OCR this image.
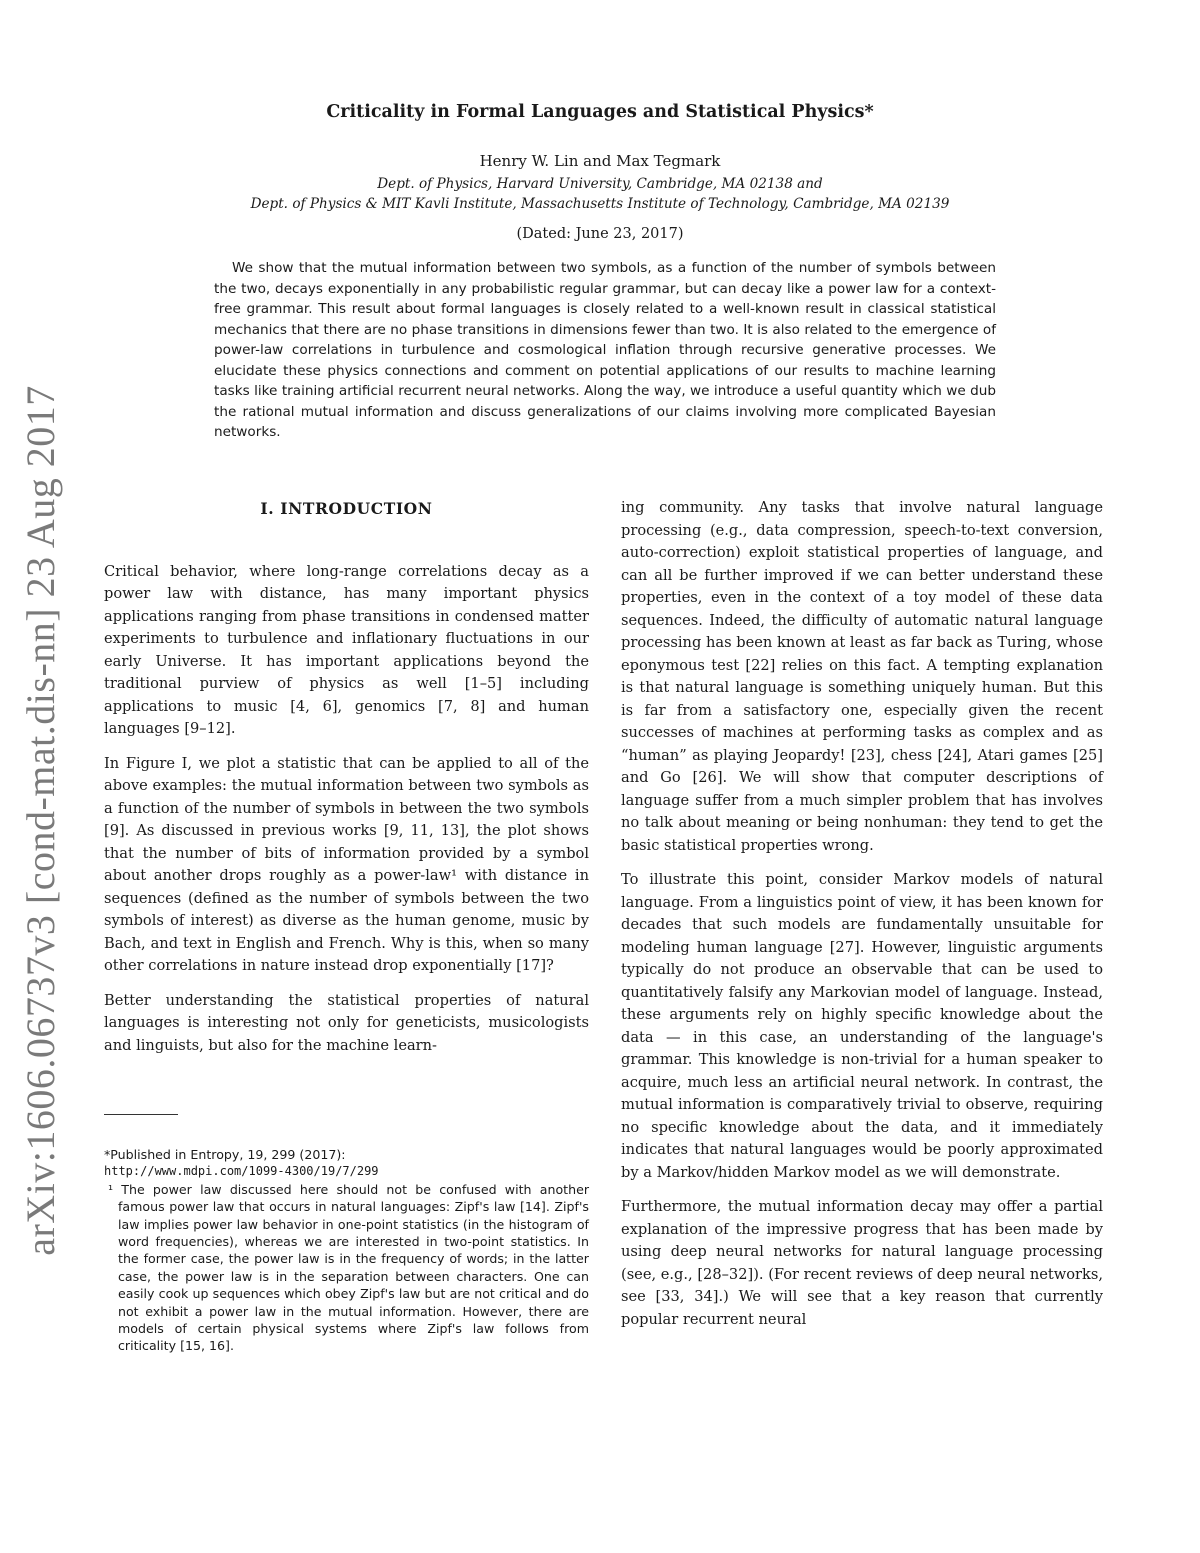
arXiv:1606.06737v3 [cond-mat.dis-nn] 23 Aug 2017
Criticality in Formal Languages and Statistical Physics*
Henry W. Lin and Max Tegmark
Dept. of Physics, Harvard University, Cambridge, MA 02138 and
Dept. of Physics & MIT Kavli Institute, Massachusetts Institute of Technology, Cambridge, MA 02139
(Dated: June 23, 2017)
We show that the mutual information between two symbols, as a function of the number of symbols between the two, decays exponentially in any probabilistic regular grammar, but can decay like a power law for a context-free grammar. This result about formal languages is closely related to a well-known result in classical statistical mechanics that there are no phase transitions in dimensions fewer than two. It is also related to the emergence of power-law correlations in turbulence and cosmological inflation through recursive generative processes. We elucidate these physics connections and comment on potential applications of our results to machine learning tasks like training artificial recurrent neural networks. Along the way, we introduce a useful quantity which we dub the rational mutual information and discuss generalizations of our claims involving more complicated Bayesian networks.
I. INTRODUCTION

Critical behavior, where long-range correlations decay as a power law with distance, has many important physics applications ranging from phase transitions in condensed matter experiments to turbulence and inflationary fluctuations in our early Universe. It has important applications beyond the traditional purview of physics as well [1–5] including applications to music [4, 6], genomics [7, 8] and human languages [9–12].

In Figure I, we plot a statistic that can be applied to all of the above examples: the mutual information between two symbols as a function of the number of symbols in between the two symbols [9]. As discussed in previous works [9, 11, 13], the plot shows that the number of bits of information provided by a symbol about another drops roughly as a power-law¹ with distance in sequences (defined as the number of symbols between the two symbols of interest) as diverse as the human genome, music by Bach, and text in English and French. Why is this, when so many other correlations in nature instead drop exponentially [17]?

Better understanding the statistical properties of natural languages is interesting not only for geneticists, musicologists and linguists, but also for the machine learn-

*Published in Entropy, 19, 299 (2017):

http://www.mdpi.com/1099-4300/19/7/299

¹ The power law discussed here should not be confused with another famous power law that occurs in natural languages: Zipf's law [14]. Zipf's law implies power law behavior in one-point statistics (in the histogram of word frequencies), whereas we are interested in two-point statistics. In the former case, the power law is in the frequency of words; in the latter case, the power law is in the separation between characters. One can easily cook up sequences which obey Zipf's law but are not critical and do not exhibit a power law in the mutual information. However, there are models of certain physical systems where Zipf's law follows from criticality [15, 16].

ing community. Any tasks that involve natural language processing (e.g., data compression, speech-to-text conversion, auto-correction) exploit statistical properties of language, and can all be further improved if we can better understand these properties, even in the context of a toy model of these data sequences. Indeed, the difficulty of automatic natural language processing has been known at least as far back as Turing, whose eponymous test [22] relies on this fact. A tempting explanation is that natural language is something uniquely human. But this is far from a satisfactory one, especially given the recent successes of machines at performing tasks as complex and as “human” as playing Jeopardy! [23], chess [24], Atari games [25] and Go [26]. We will show that computer descriptions of language suffer from a much simpler problem that has involves no talk about meaning or being nonhuman: they tend to get the basic statistical properties wrong.

To illustrate this point, consider Markov models of natural language. From a linguistics point of view, it has been known for decades that such models are fundamentally unsuitable for modeling human language [27]. However, linguistic arguments typically do not produce an observable that can be used to quantitatively falsify any Markovian model of language. Instead, these arguments rely on highly specific knowledge about the data — in this case, an understanding of the language's grammar. This knowledge is non-trivial for a human speaker to acquire, much less an artificial neural network. In contrast, the mutual information is comparatively trivial to observe, requiring no specific knowledge about the data, and it immediately indicates that natural languages would be poorly approximated by a Markov/hidden Markov model as we will demonstrate.

Furthermore, the mutual information decay may offer a partial explanation of the impressive progress that has been made by using deep neural networks for natural language processing (see, e.g., [28–32]). (For recent reviews of deep neural networks, see [33, 34].) We will see that a key reason that currently popular recurrent neural
